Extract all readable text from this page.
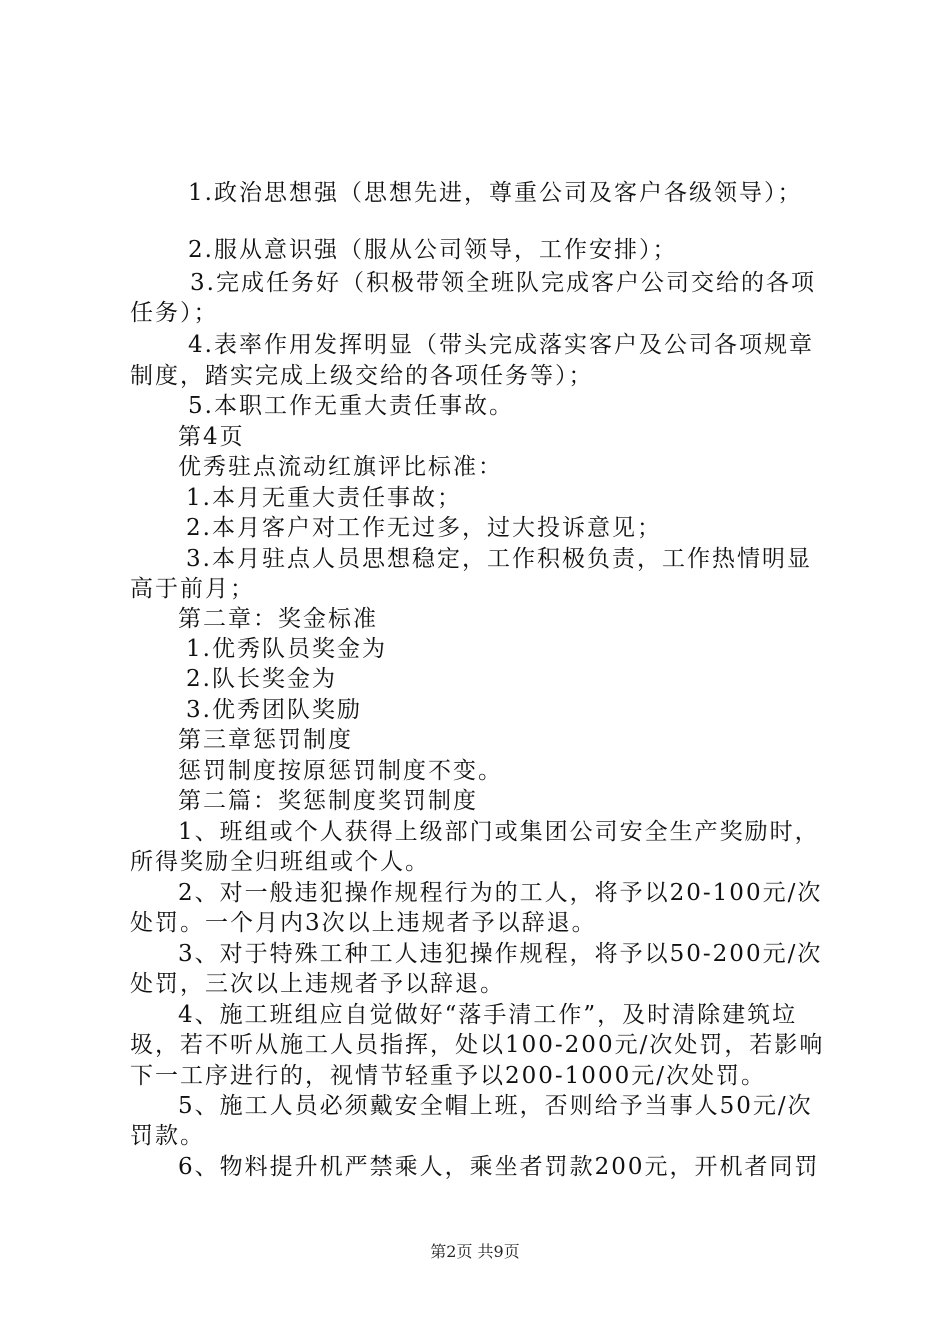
1.政治思想强（思想先进，尊重公司及客户各级领导）；
2.服从意识强（服从公司领导，工作安排）；
3.完成任务好（积极带领全班队完成客户公司交给的各项
任务）；
4.表率作用发挥明显（带头完成落实客户及公司各项规章
制度，踏实完成上级交给的各项任务等）；
5.本职工作无重大责任事故。
第4页
优秀驻点流动红旗评比标准：
1.本月无重大责任事故；
2.本月客户对工作无过多，过大投诉意见；
3.本月驻点人员思想稳定，工作积极负责，工作热情明显
高于前月；
第二章：奖金标准
1.优秀队员奖金为
2.队长奖金为
3.优秀团队奖励
第三章惩罚制度
惩罚制度按原惩罚制度不变。
第二篇：奖惩制度奖罚制度
1、班组或个人获得上级部门或集团公司安全生产奖励时，
所得奖励全归班组或个人。
2、对一般违犯操作规程行为的工人，将予以20-100元/次
处罚。一个月内3次以上违规者予以辞退。
3、对于特殊工种工人违犯操作规程，将予以50-200元/次
处罚，三次以上违规者予以辞退。
4、施工班组应自觉做好“落手清工作”，及时清除建筑垃
圾，若不听从施工人员指挥，处以100-200元/次处罚，若影响
下一工序进行的，视情节轻重予以200-1000元/次处罚。
5、施工人员必须戴安全帽上班，否则给予当事人50元/次
罚款。
6、物料提升机严禁乘人，乘坐者罚款200元，开机者同罚
第2页 共9页
